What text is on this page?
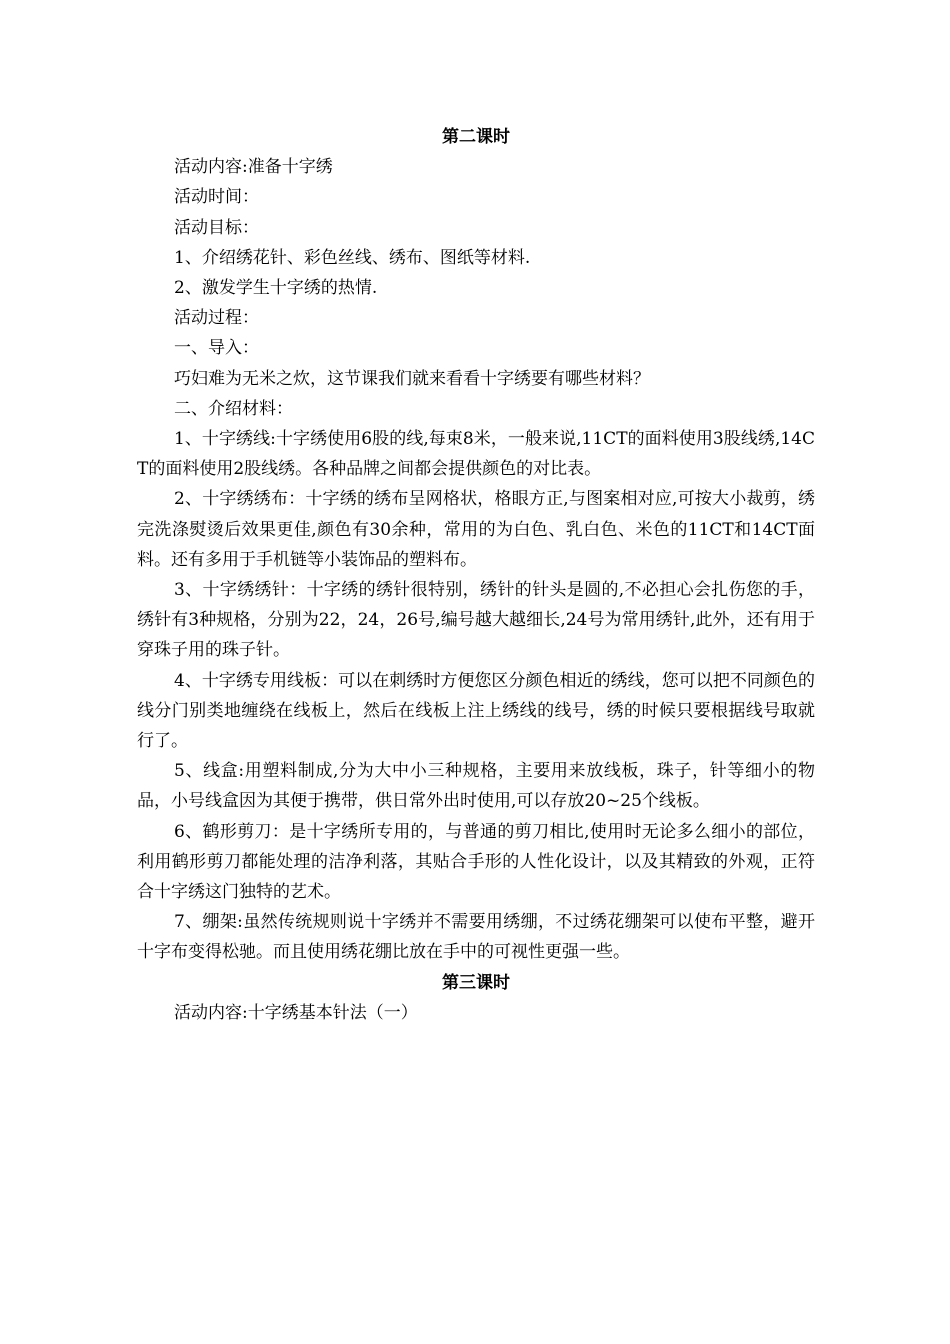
第二课时
活动内容:准备十字绣
活动时间：
活动目标：
1、介绍绣花针、彩色丝线、绣布、图纸等材料.
2、激发学生十字绣的热情.
活动过程：
一、导入：
巧妇难为无米之炊，这节课我们就来看看十字绣要有哪些材料？
二、介绍材料：
1、十字绣线:十字绣使用6股的线,每束8米，一般来说,11CT的面料使用3股线绣,14CT的面料使用2股线绣。各种品牌之间都会提供颜色的对比表。
2、十字绣绣布：十字绣的绣布呈网格状，格眼方正,与图案相对应,可按大小裁剪，绣完洗涤熨烫后效果更佳,颜色有30余种，常用的为白色、乳白色、米色的11CT和14CT面料。还有多用于手机链等小装饰品的塑料布。
3、十字绣绣针：十字绣的绣针很特别，绣针的针头是圆的,不必担心会扎伤您的手，绣针有3种规格，分别为22，24，26号,编号越大越细长,24号为常用绣针,此外，还有用于穿珠子用的珠子针。
4、十字绣专用线板：可以在刺绣时方便您区分颜色相近的绣线，您可以把不同颜色的线分门别类地缠绕在线板上，然后在线板上注上绣线的线号，绣的时候只要根据线号取就行了。
5、线盒:用塑料制成,分为大中小三种规格，主要用来放线板，珠子，针等细小的物品，小号线盒因为其便于携带，供日常外出时使用,可以存放20~25个线板。
6、鹤形剪刀：是十字绣所专用的，与普通的剪刀相比,使用时无论多么细小的部位，利用鹤形剪刀都能处理的洁净利落，其贴合手形的人性化设计，以及其精致的外观，正符合十字绣这门独特的艺术。
7、绷架:虽然传统规则说十字绣并不需要用绣绷，不过绣花绷架可以使布平整，避开十字布变得松驰。而且使用绣花绷比放在手中的可视性更强一些。
第三课时
活动内容:十字绣基本针法（一）
